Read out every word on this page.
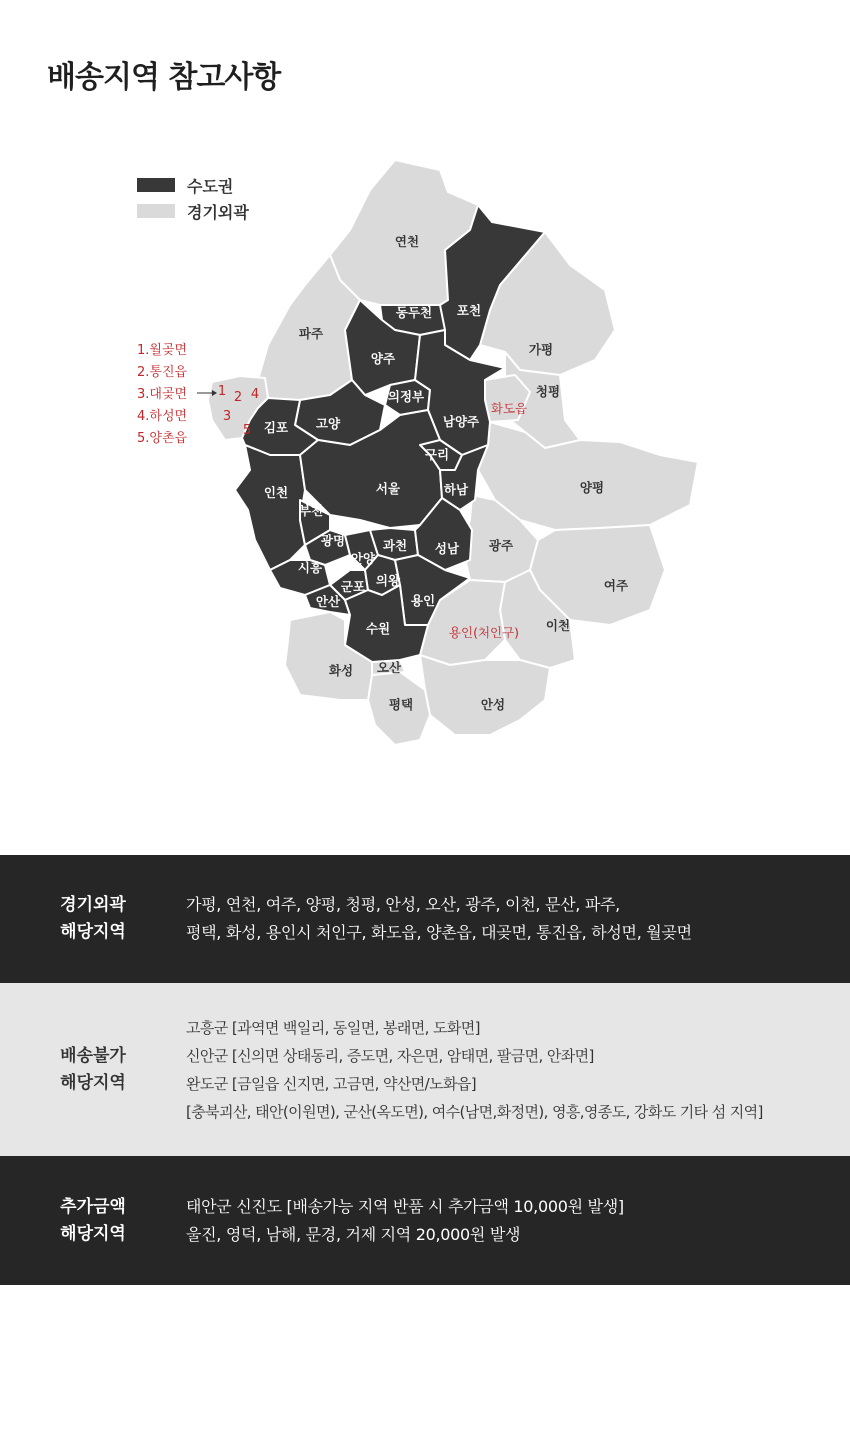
배송지역 참고사항
연천
포천
동두천
파주
양주
가평
청평
의정부
화도읍
남양주
김포 고양
구리
인천	서울	하남	양평
부천
광명	과천 성남 광주
안양
시흥
군포 의왕	여주
안산	용인
수원	용인(처인구) 이천
화성 오산
평택	안성
1 2 4
3
5
수도권
경기외곽
1.월곶면
2.통진읍
3.대곶면
4.하성면
5.양촌읍
경기외곽
해당지역
가평, 연천, 여주, 양평, 청평, 안성, 오산, 광주, 이천, 문산, 파주,
평택, 화성, 용인시 처인구, 화도읍, 양촌읍, 대곶면, 통진읍, 하성면, 월곶면
배송불가
해당지역
고흥군 [과역면 백일리, 동일면, 봉래면, 도화면]
신안군 [신의면 상태동리, 증도면, 자은면, 암태면, 팔금면, 안좌면]
완도군 [금일읍 신지면, 고금면, 약산면/노화읍]
[충북괴산, 태안(이원면), 군산(옥도면), 여수(남면,화정면), 영흥,영종도, 강화도 기타 섬 지역]
추가금액
해당지역
태안군 신진도 [배송가능 지역 반품 시 추가금액 10,000원 발생]
울진, 영덕, 남해, 문경, 거제 지역 20,000원 발생
